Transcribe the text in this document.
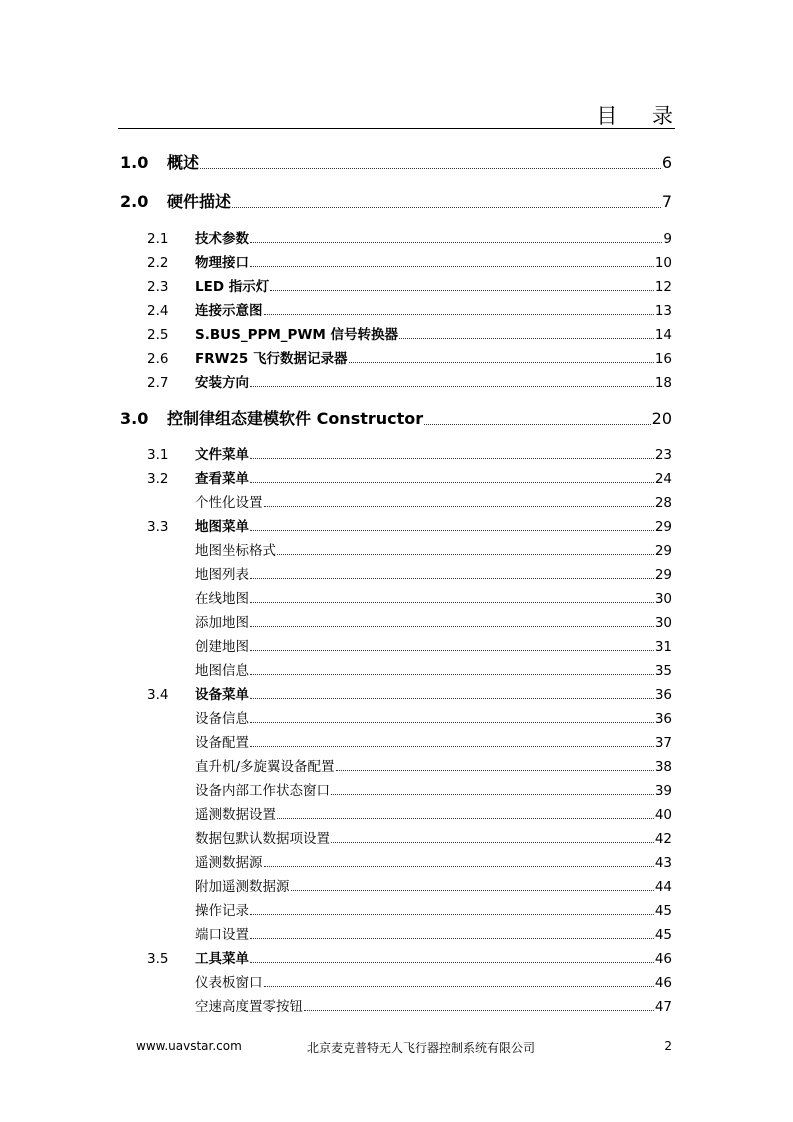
目 录
1.0	概述	6
2.0	硬件描述	7
2.1	技术参数	9
2.2	物理接口	10
2.3	LED 指示灯	12
2.4	连接示意图	13
2.5	S.BUS_PPM_PWM 信号转换器	14
2.6	FRW25 飞行数据记录器	16
2.7	安装方向	18
3.0	控制律组态建模软件 Constructor	20
3.1	文件菜单	23
3.2	查看菜单	24
个性化设置	28
3.3	地图菜单	29
地图坐标格式	29
地图列表	29
在线地图	30
添加地图	30
创建地图	31
地图信息	35
3.4	设备菜单	36
设备信息	36
设备配置	37
直升机/多旋翼设备配置	38
设备内部工作状态窗口	39
遥测数据设置	40
数据包默认数据项设置	42
遥测数据源	43
附加遥测数据源	44
操作记录	45
端口设置	45
3.5	工具菜单	46
仪表板窗口	46
空速高度置零按钮	47
www.uavstar.com	北京麦克普特无人飞行器控制系统有限公司	2
